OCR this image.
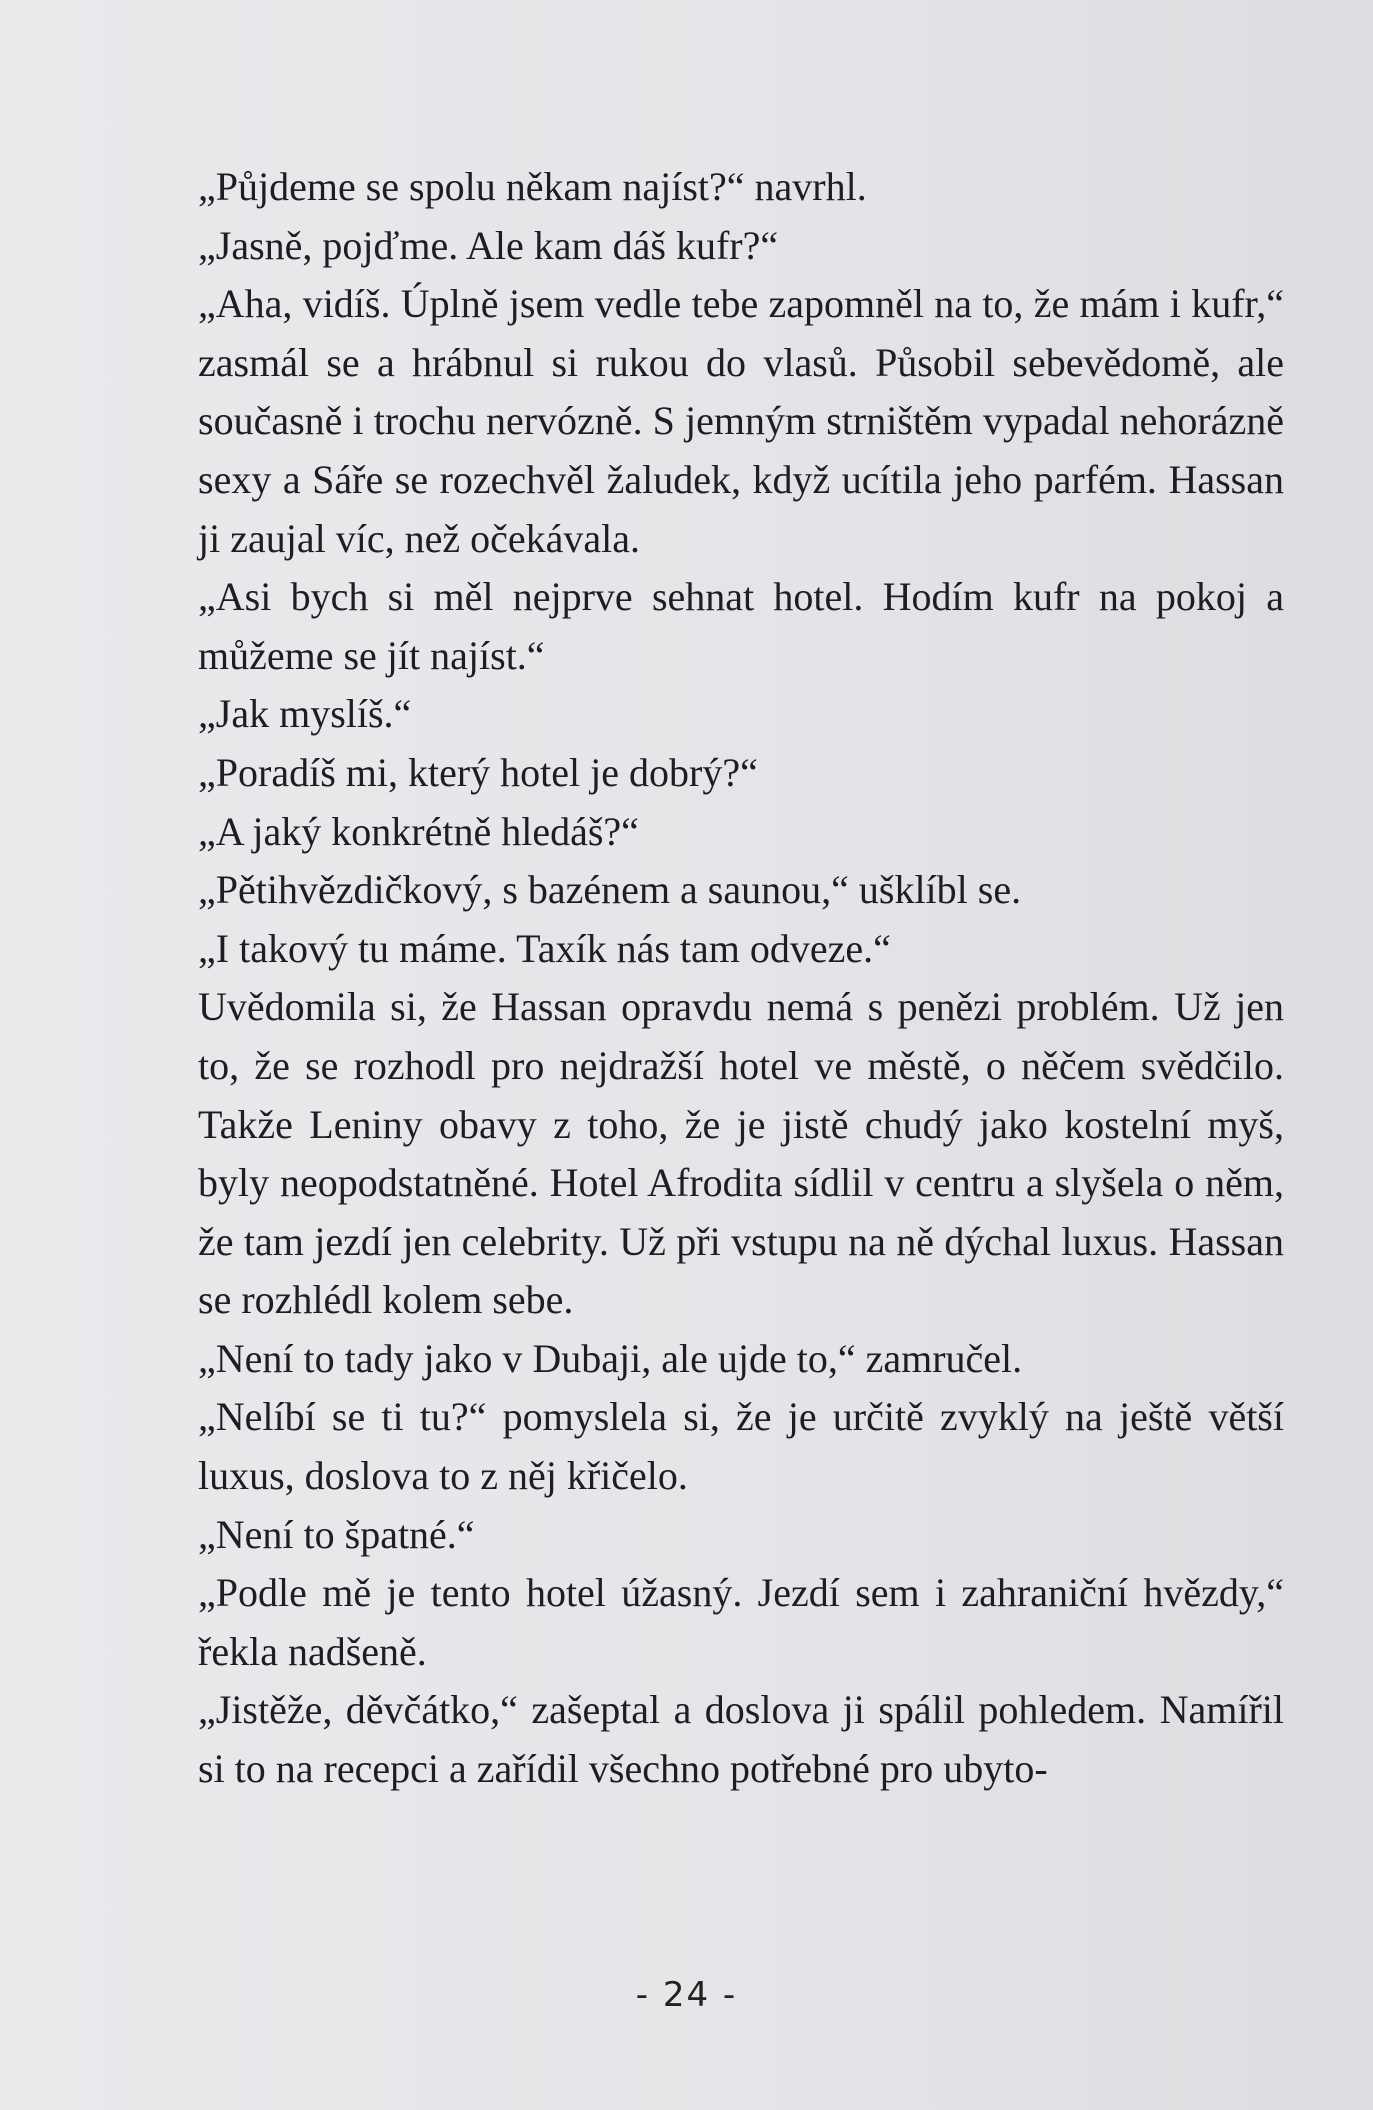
„Půjdeme se spolu někam najíst?“ navrhl.

„Jasně, pojďme. Ale kam dáš kufr?“

„Aha, vidíš. Úplně jsem vedle tebe zapomněl na to, že mám i kufr,“ zasmál se a hrábnul si rukou do vlasů. Působil sebevědomě, ale současně i trochu nervózně. S jemným strništěm vypadal nehorázně sexy a Sáře se rozechvěl žaludek, když ucítila jeho parfém. Hassan ji zaujal víc, než očekávala.

„Asi bych si měl nejprve sehnat hotel. Hodím kufr na pokoj a můžeme se jít najíst.“

„Jak myslíš.“

„Poradíš mi, který hotel je dobrý?“

„A jaký konkrétně hledáš?“

„Pětihvězdičkový, s bazénem a saunou,“ ušklíbl se.

„I takový tu máme. Taxík nás tam odveze.“

Uvědomila si, že Hassan opravdu nemá s penězi problém. Už jen to, že se rozhodl pro nejdražší hotel ve městě, o něčem svědčilo. Takže Leniny obavy z toho, že je jistě chudý jako kostelní myš, byly neopodstatněné. Hotel Afrodita sídlil v centru a slyšela o něm, že tam jezdí jen celebrity. Už při vstupu na ně dýchal luxus. Hassan se rozhlédl kolem sebe.

„Není to tady jako v Dubaji, ale ujde to,“ zamručel.

„Nelíbí se ti tu?“ pomyslela si, že je určitě zvyklý na ještě větší luxus, doslova to z něj křičelo.

„Není to špatné.“

„Podle mě je tento hotel úžasný. Jezdí sem i zahraniční hvězdy,“ řekla nadšeně.

„Jistěže, děvčátko,“ zašeptal a doslova ji spálil pohledem. Namířil si to na recepci a zařídil všechno potřebné pro ubyto-

- 24 -
